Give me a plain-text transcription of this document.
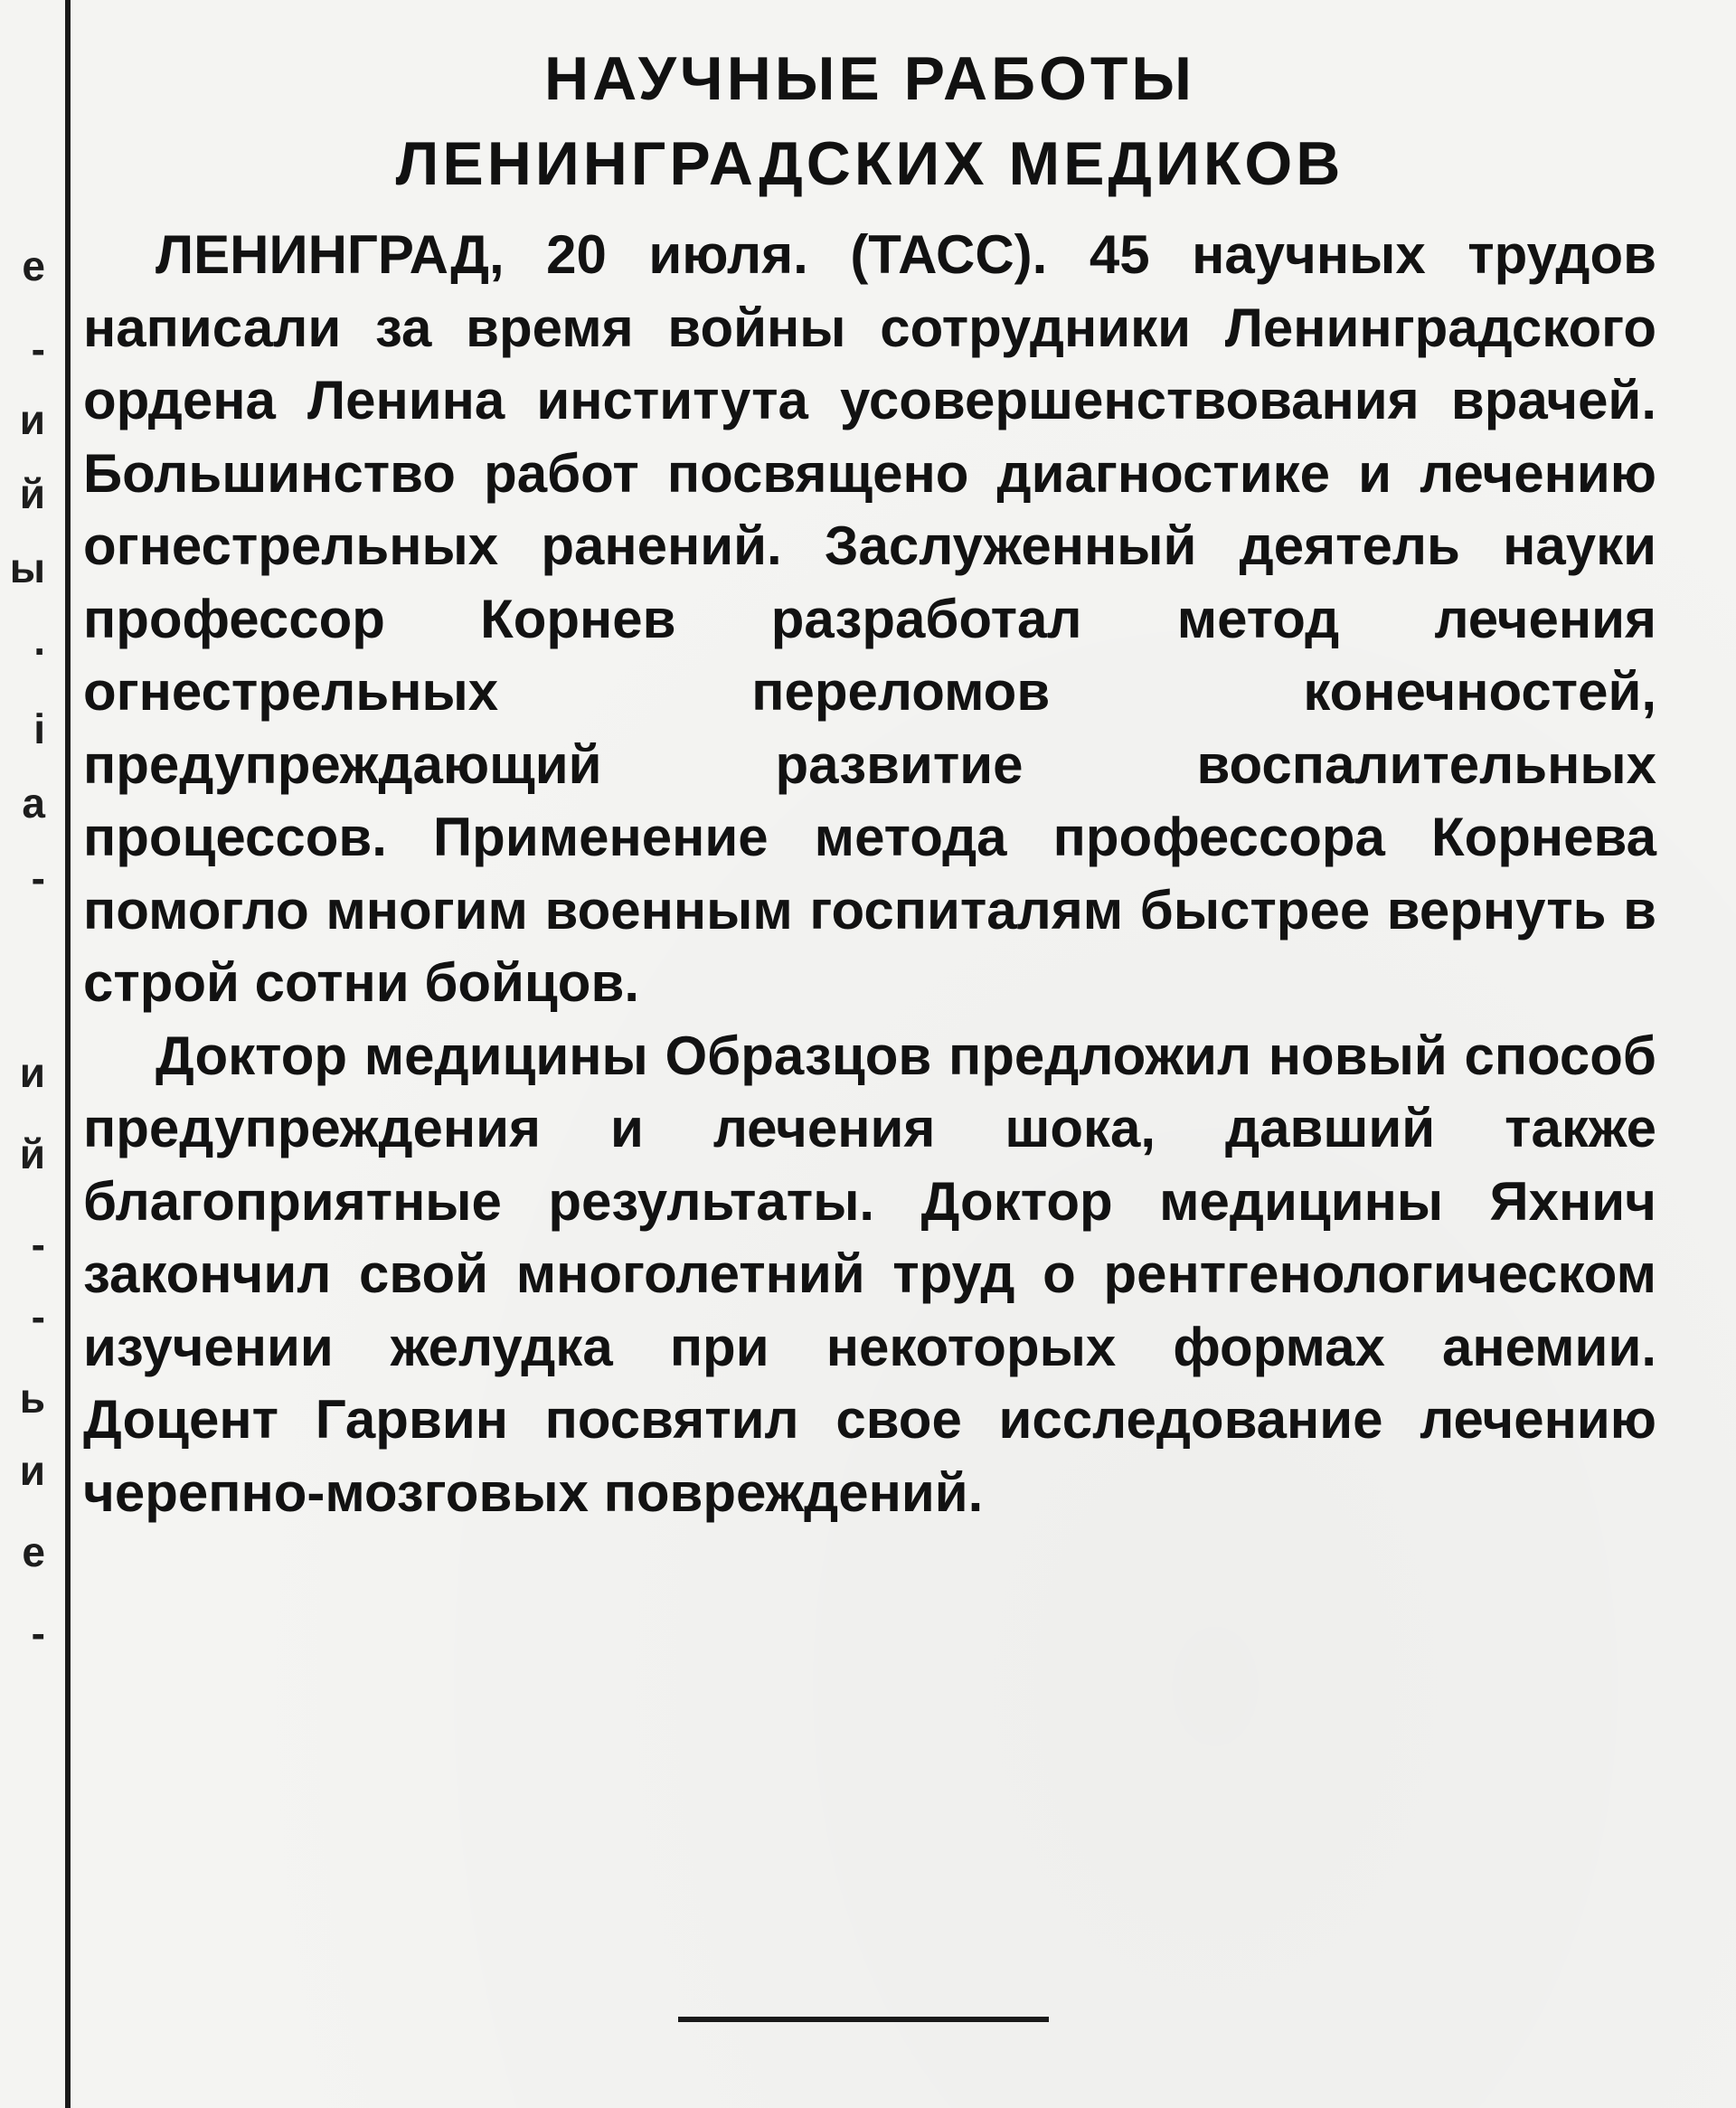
е
-
и
й
ы
.
і
а
-
и
й
-
-
ь
и
е
-
НАУЧНЫЕ РАБОТЫ
ЛЕНИНГРАДСКИХ МЕДИКОВ

ЛЕНИНГРАД, 20 июля. (ТАСС). 45 научных трудов написали за время войны сотрудники Ленинградского ордена Ленина института усовершенствования врачей. Большинство работ посвящено диагностике и лечению огнестрельных ранений. Заслуженный деятель науки профессор Корнев разработал метод лечения огнестрельных переломов конечностей, предупреждающий развитие воспалительных процессов. Применение метода профессора Корнева помогло многим военным госпиталям быстрее вернуть в строй сотни бойцов.

Доктор медицины Образцов предложил новый способ предупреждения и лечения шока, давший также благоприятные результаты. Доктор медицины Яхнич закончил свой многолетний труд о рентгенологическом изучении желудка при некоторых формах анемии. Доцент Гарвин посвятил свое исследование лечению черепно-мозговых повреждений.
